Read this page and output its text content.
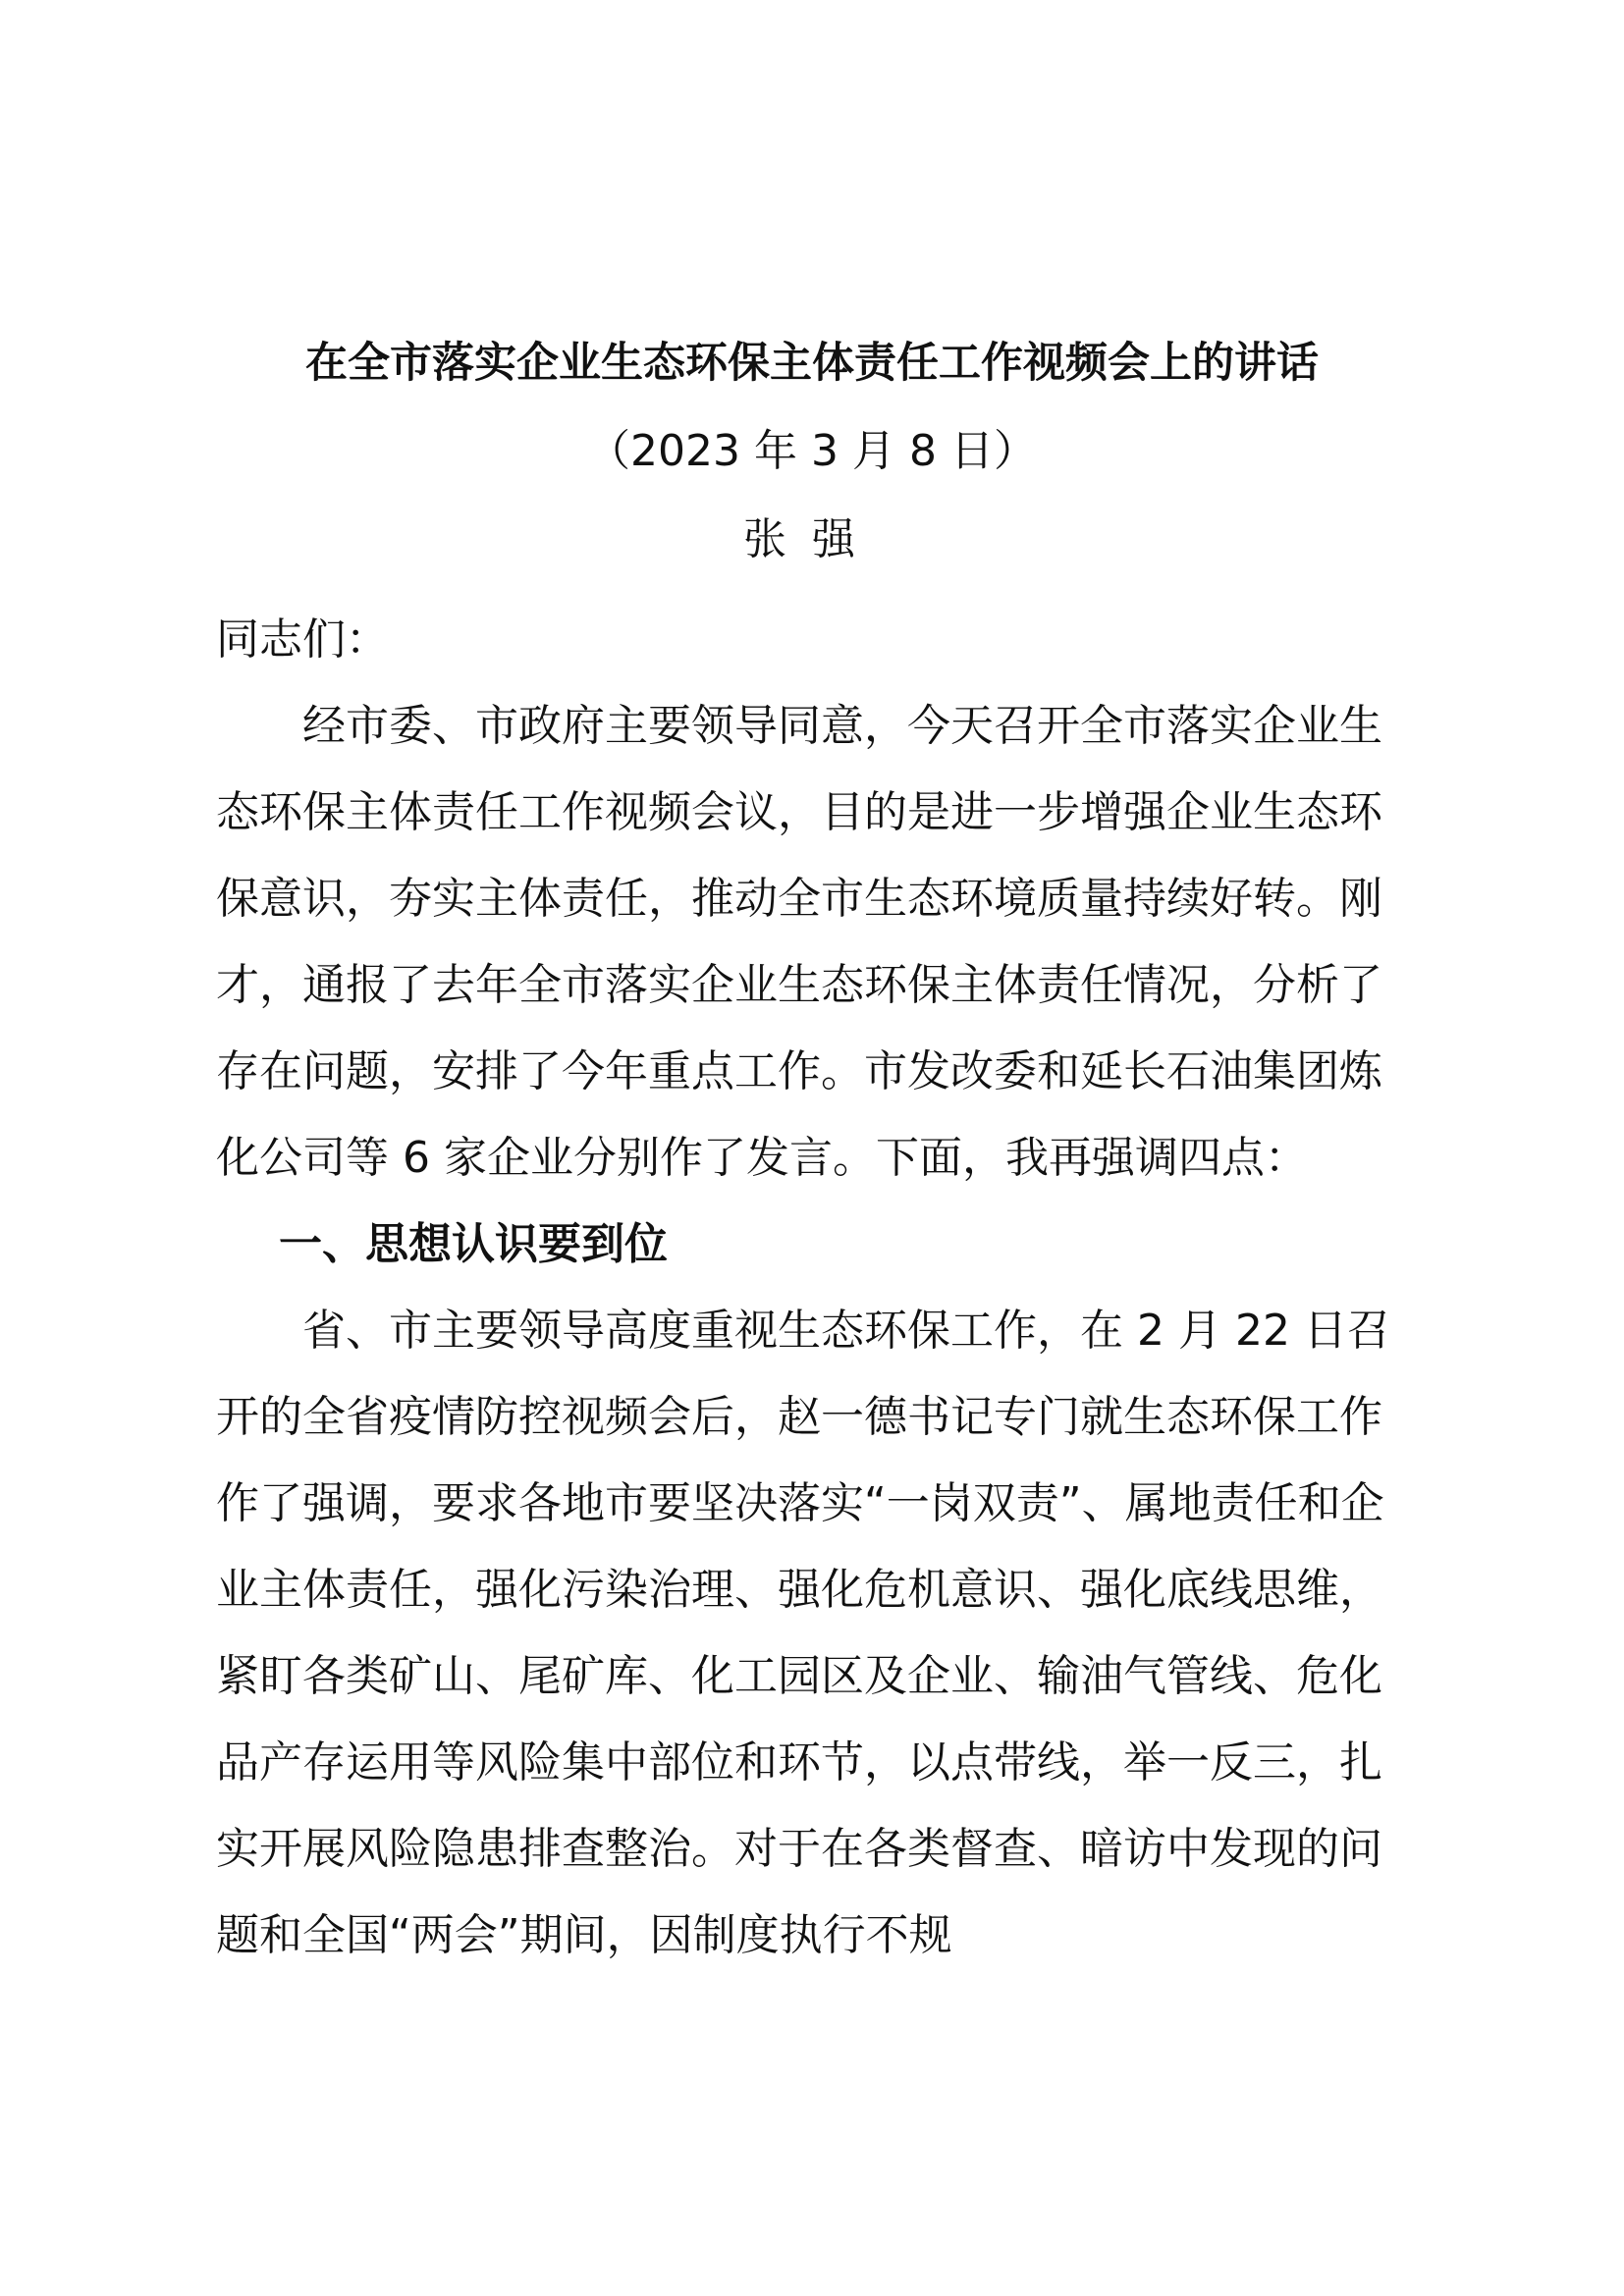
在全市落实企业生态环保主体责任工作视频会上的讲话
（2023 年 3 月 8 日）
张强

同志们：

经市委、市政府主要领导同意，今天召开全市落实企业生态环保主体责任工作视频会议，目的是进一步增强企业生态环保意识，夯实主体责任，推动全市生态环境质量持续好转。刚才，通报了去年全市落实企业生态环保主体责任情况，分析了存在问题，安排了今年重点工作。市发改委和延长石油集团炼化公司等 6 家企业分别作了发言。下面，我再强调四点：

一、思想认识要到位

省、市主要领导高度重视生态环保工作，在 2 月 22 日召开的全省疫情防控视频会后，赵一德书记专门就生态环保工作作了强调，要求各地市要坚决落实“一岗双责”、属地责任和企业主体责任，强化污染治理、强化危机意识、强化底线思维，紧盯各类矿山、尾矿库、化工园区及企业、输油气管线、危化品产存运用等风险集中部位和环节，以点带线，举一反三，扎实开展风险隐患排查整治。对于在各类督查、暗访中发现的问题和全国“两会”期间，因制度执行不规
